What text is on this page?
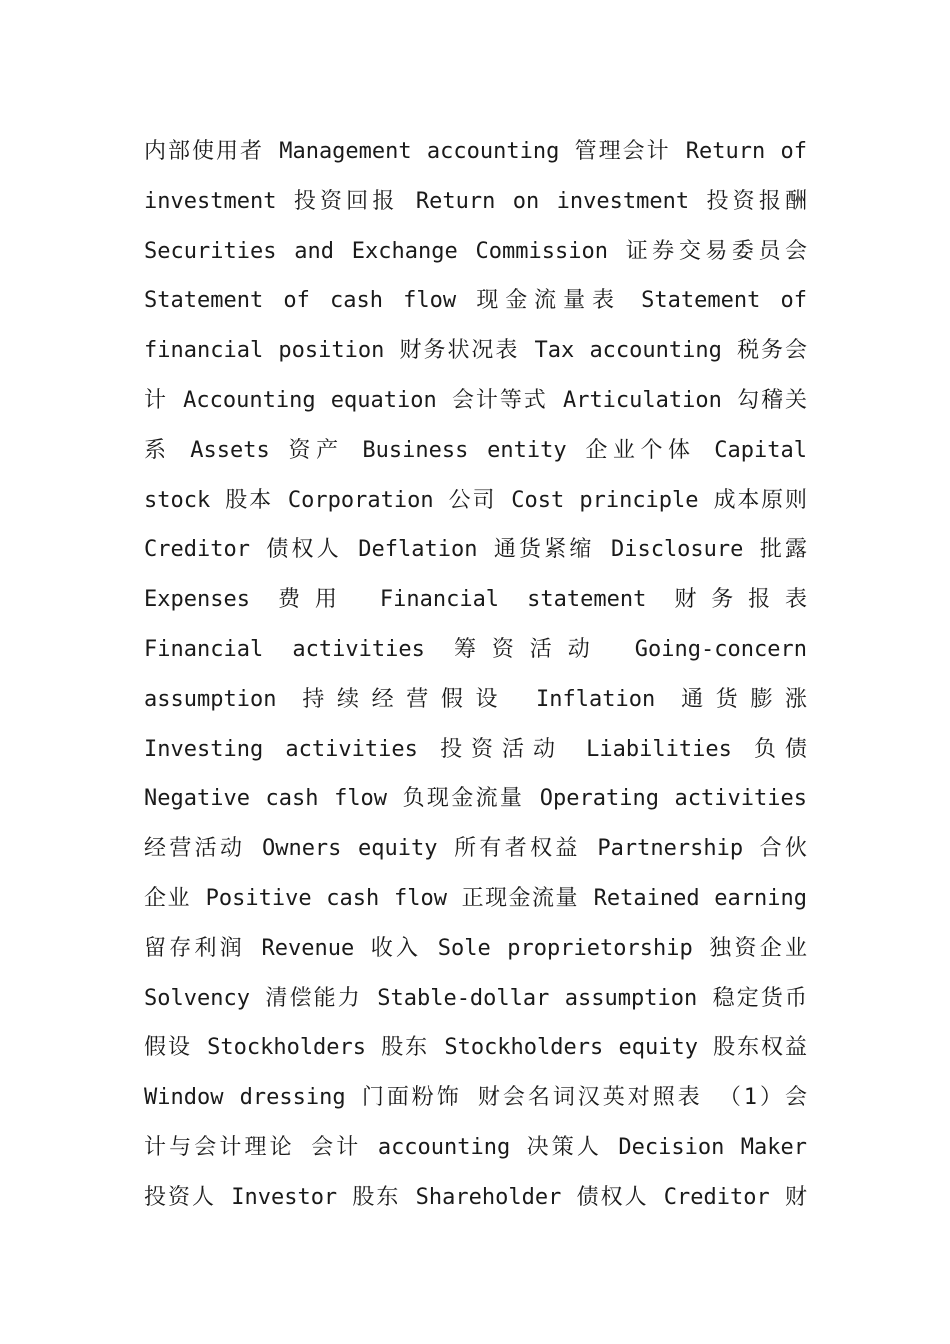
内部使用者 Management accounting 管理会计 Return of
investment 投资回报 Return on investment 投资报酬
Securities and Exchange Commission 证券交易委员会
Statement of cash flow 现金流量表 Statement of
financial position 财务状况表 Tax accounting 税务会
计 Accounting equation 会计等式 Articulation 勾稽关
系 Assets 资产 Business entity 企业个体 Capital
stock 股本 Corporation 公司 Cost principle 成本原则
Creditor 债权人 Deflation 通货紧缩 Disclosure 批露
Expenses 费用 Financial statement 财务报表
Financial activities 筹资活动 Going-concern
assumption 持续经营假设 Inflation 通货膨涨
Investing activities 投资活动 Liabilities 负债
Negative cash flow 负现金流量 Operating activities
经营活动 Owners equity 所有者权益 Partnership 合伙
企业 Positive cash flow 正现金流量 Retained earning
留存利润 Revenue 收入 Sole proprietorship 独资企业
Solvency 清偿能力 Stable-dollar assumption 稳定货币
假设 Stockholders 股东 Stockholders equity 股东权益
Window dressing 门面粉饰 财会名词汉英对照表 （1）会
计与会计理论 会计 accounting 决策人 Decision Maker
投资人 Investor 股东 Shareholder 债权人 Creditor 财
